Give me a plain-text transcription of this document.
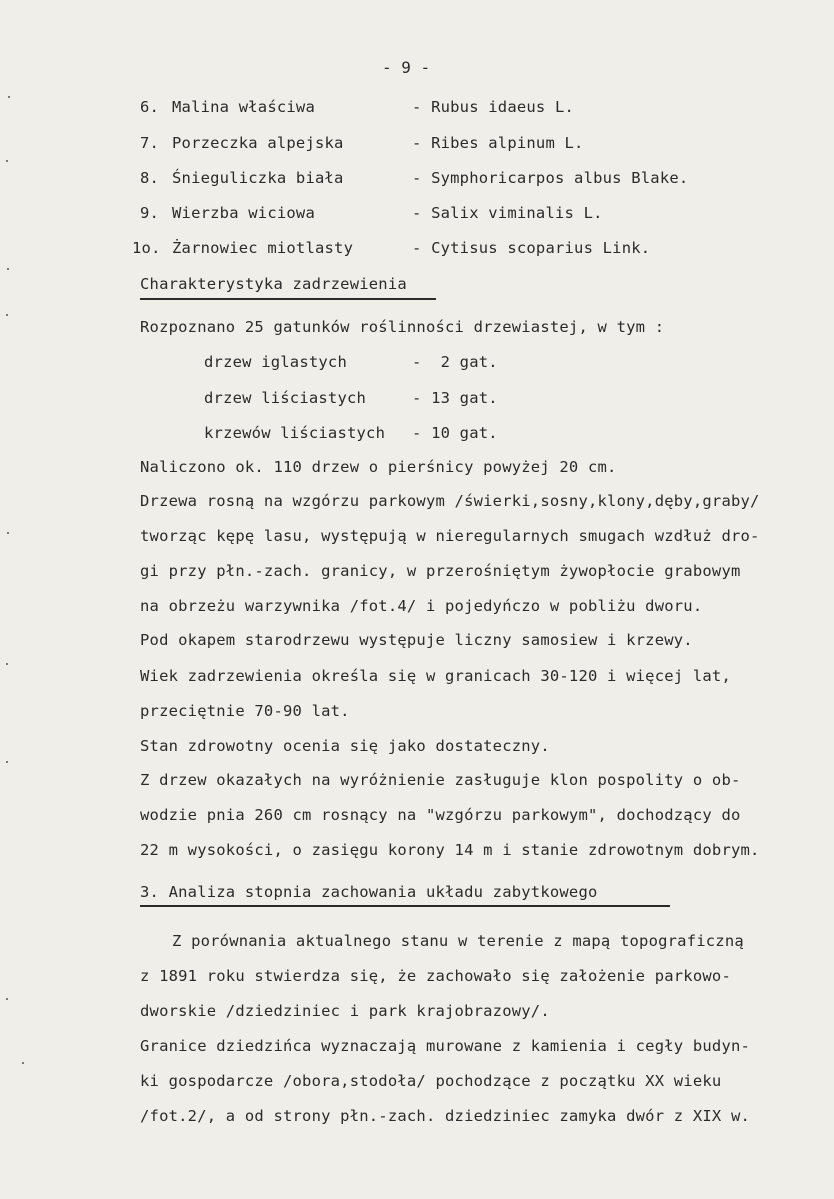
- 9 -
6. Malina właściwa	- Rubus idaeus L.
7. Porzeczka alpejska	- Ribes alpinum L.
8. Śnieguliczka biała	- Symphoricarpos albus Blake.
9. Wierzba wiciowa	- Salix viminalis L.
1o. Żarnowiec miotlasty	- Cytisus scoparius Link.
Charakterystyka zadrzewienia
Rozpoznano 25 gatunków roślinności drzewiastej, w tym :
drzew iglastych	-  2 gat.
drzew liściastych	- 13 gat.
krzewów liściastych - 10 gat.
Naliczono ok. 110 drzew o pierśnicy powyżej 20 cm.
Drzewa rosną na wzgórzu parkowym /świerki,sosny,klony,dęby,graby/
tworząc kępę lasu, występują w nieregularnych smugach wzdłuż dro-
gi przy płn.-zach. granicy, w przerośniętym żywopłocie grabowym
na obrzeżu warzywnika /fot.4/ i pojedyńczo w pobliżu dworu.
Pod okapem starodrzewu występuje liczny samosiew i krzewy.
Wiek zadrzewienia określa się w granicach 30-120 i więcej lat,
przeciętnie 70-90 lat.
Stan zdrowotny ocenia się jako dostateczny.
Z drzew okazałych na wyróżnienie zasługuje klon pospolity o ob-
wodzie pnia 260 cm rosnący na "wzgórzu parkowym", dochodzący do
22 m wysokości, o zasięgu korony 14 m i stanie zdrowotnym dobrym.
3. Analiza stopnia zachowania układu zabytkowego
Z porównania aktualnego stanu w terenie z mapą topograficzną
z 1891 roku stwierdza się, że zachowało się założenie parkowo-
dworskie /dziedziniec i park krajobrazowy/.
Granice dziedzińca wyznaczają murowane z kamienia i cegły budyn-
ki gospodarcze /obora,stodoła/ pochodzące z początku XX wieku
/fot.2/, a od strony płn.-zach. dziedziniec zamyka dwór z XIX w.
